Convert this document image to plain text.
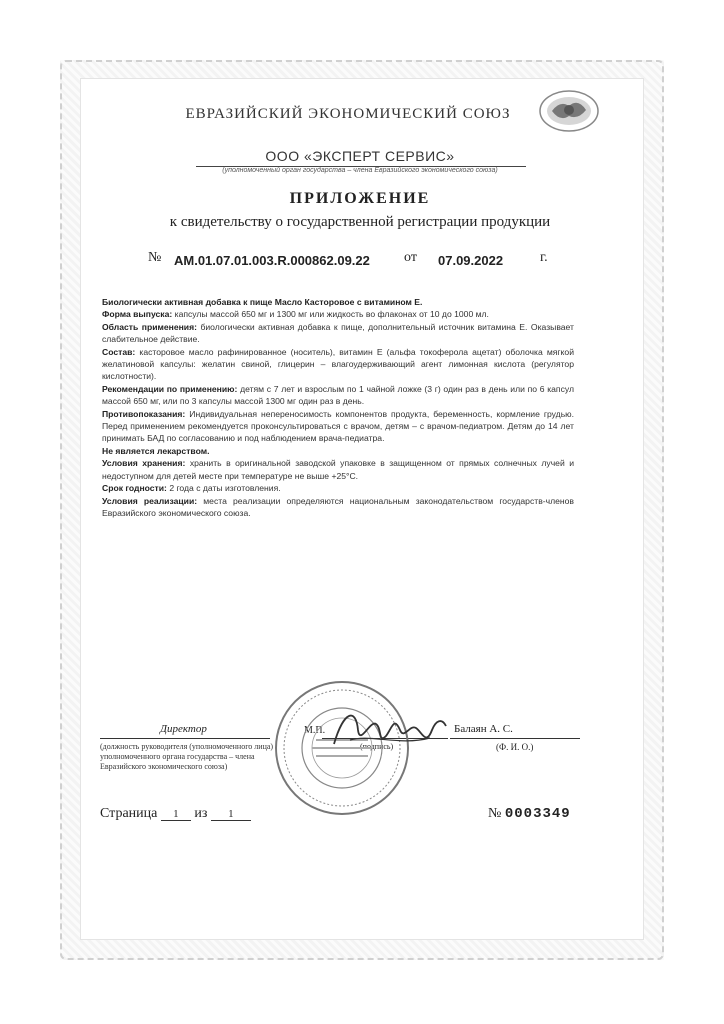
ЕВРАЗИЙСКИЙ ЭКОНОМИЧЕСКИЙ СОЮЗ
ООО «ЭКСПЕРТ СЕРВИС»
(уполномоченный орган государства – члена Евразийского экономического союза)
ПРИЛОЖЕНИЕ
к свидетельству о государственной регистрации продукции
№ AM.01.07.01.003.R.000862.09.22 от 07.09.2022	г.

Биологически активная добавка к пище Масло Касторовое с витамином Е.

Форма выпуска: капсулы массой 650 мг и 1300 мг или жидкость во флаконах от 10 до 1000 мл.

Область применения: биологически активная добавка к пище, дополнительный источник витамина Е. Оказывает слабительное действие.

Состав: касторовое масло рафинированное (носитель), витамин Е (альфа токоферола ацетат) оболочка мягкой желатиновой капсулы: желатин свиной, глицерин – влагоудерживающий агент лимонная кислота (регулятор кислотности).

Рекомендации по применению: детям с 7 лет и взрослым по 1 чайной ложке (3 г) один раз в день или по 6 капсул массой 650 мг, или по 3 капсулы массой 1300 мг один раз в день.

Противопоказания: Индивидуальная непереносимость компонентов продукта, беременность, кормление грудью. Перед применением рекомендуется проконсультироваться с врачом, детям – с врачом-педиатром. Детям до 14 лет принимать БАД по согласованию и под наблюдением врача-педиатра.

Не является лекарством.

Условия хранения: хранить в оригинальной заводской упаковке в защищенном от прямых солнечных лучей и недоступном для детей месте при температуре не выше +25°С.

Срок годности: 2 года с даты изготовления.

Условия реализации: места реализации определяются национальным законодательством государств-членов Евразийского экономического союза.

Директор	М.П.	Балаян А. С.
(должность руководителя (уполномоченного лица) уполномоченного органа государства – члена Евразийского экономического союза)
(подпись)	(Ф. И. О.)
Страница 1 из 1	№ 0003349
